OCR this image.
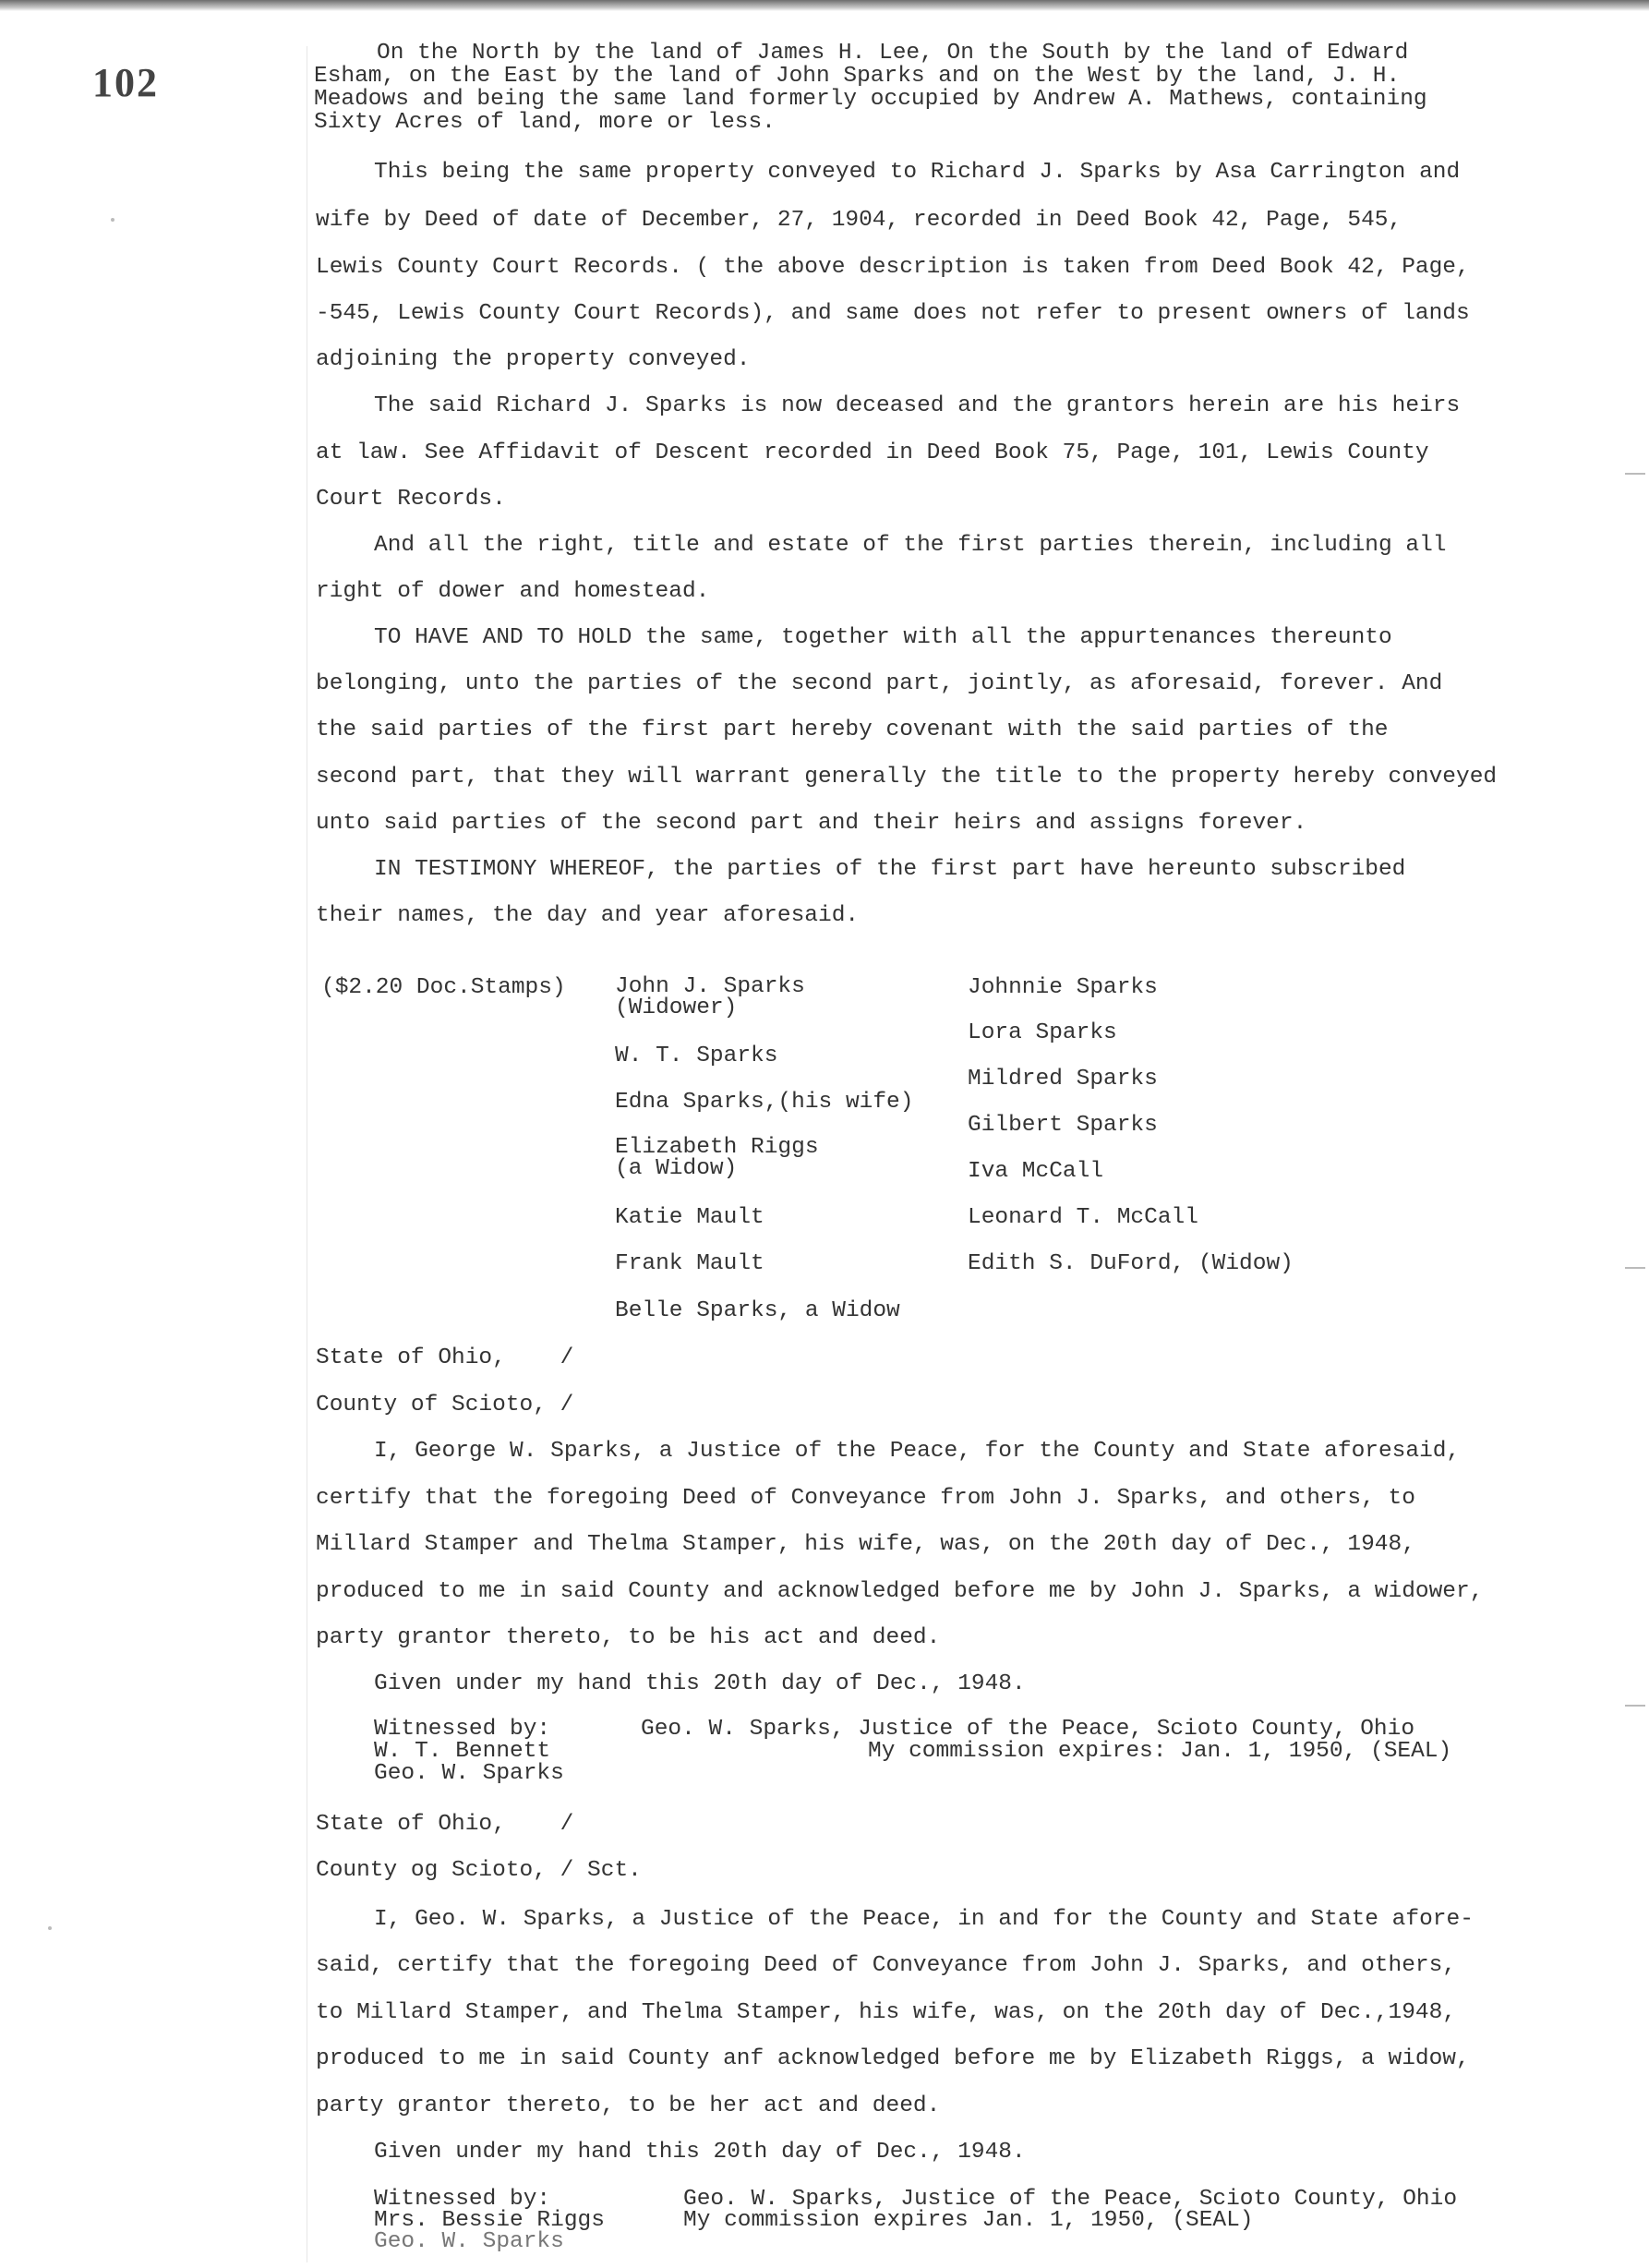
102
On the North by the land of James H. Lee, On the South by the land of Edward
Esham, on the East by the land of John Sparks and on the West by the land, J. H.
Meadows and being the same land formerly occupied by Andrew A. Mathews, containing
Sixty Acres of land, more or less.
This being the same property conveyed to Richard J. Sparks by Asa Carrington and
wife by Deed of date of December, 27, 1904, recorded in Deed Book 42, Page, 545,
Lewis County Court Records. ( the above description is taken from Deed Book 42, Page,
-545, Lewis County Court Records), and same does not refer to present owners of lands
adjoining the property conveyed.
The said Richard J. Sparks is now deceased and the grantors herein are his heirs
at law. See Affidavit of Descent recorded in Deed Book 75, Page, 101, Lewis County
Court Records.
And all the right, title and estate of the first parties therein, including all
right of dower and homestead.
TO HAVE AND TO HOLD the same, together with all the appurtenances thereunto
belonging, unto the parties of the second part, jointly, as aforesaid, forever. And
the said parties of the first part hereby covenant with the said parties of the
second part, that they will warrant generally the title to the property hereby conveyed
unto said parties of the second part and their heirs and assigns forever.
IN TESTIMONY WHEREOF, the parties of the first part have hereunto subscribed
their names, the day and year aforesaid.
($2.20 Doc.Stamps) John J. Sparks
(Widower)
W. T. Sparks
Edna Sparks,(his wife)
Elizabeth Riggs
(a Widow)
Katie Mault
Frank Mault
Belle Sparks, a Widow
Johnnie Sparks
Lora Sparks
Mildred Sparks
Gilbert Sparks
Iva McCall
Leonard T. McCall
Edith S. DuFord, (Widow)
State of Ohio,    /
County of Scioto, /
I, George W. Sparks, a Justice of the Peace, for the County and State aforesaid,
certify that the foregoing Deed of Conveyance from John J. Sparks, and others, to
Millard Stamper and Thelma Stamper, his wife, was, on the 20th day of Dec., 1948,
produced to me in said County and acknowledged before me by John J. Sparks, a widower,
party grantor thereto, to be his act and deed.
Given under my hand this 20th day of Dec., 1948.
Witnessed by:
W. T. Bennett
Geo. W. Sparks
Geo. W. Sparks, Justice of the Peace, Scioto County, Ohio
My commission expires: Jan. 1, 1950, (SEAL)
State of Ohio,    /
County og Scioto, / Sct.
I, Geo. W. Sparks, a Justice of the Peace, in and for the County and State afore-
said, certify that the foregoing Deed of Conveyance from John J. Sparks, and others,
to Millard Stamper, and Thelma Stamper, his wife, was, on the 20th day of Dec.,1948,
produced to me in said County anf acknowledged before me by Elizabeth Riggs, a widow,
party grantor thereto, to be her act and deed.
Given under my hand this 20th day of Dec., 1948.
Witnessed by:
Mrs. Bessie Riggs
Geo. W. Sparks
Geo. W. Sparks, Justice of the Peace, Scioto County, Ohio
My commission expires Jan. 1, 1950, (SEAL)
